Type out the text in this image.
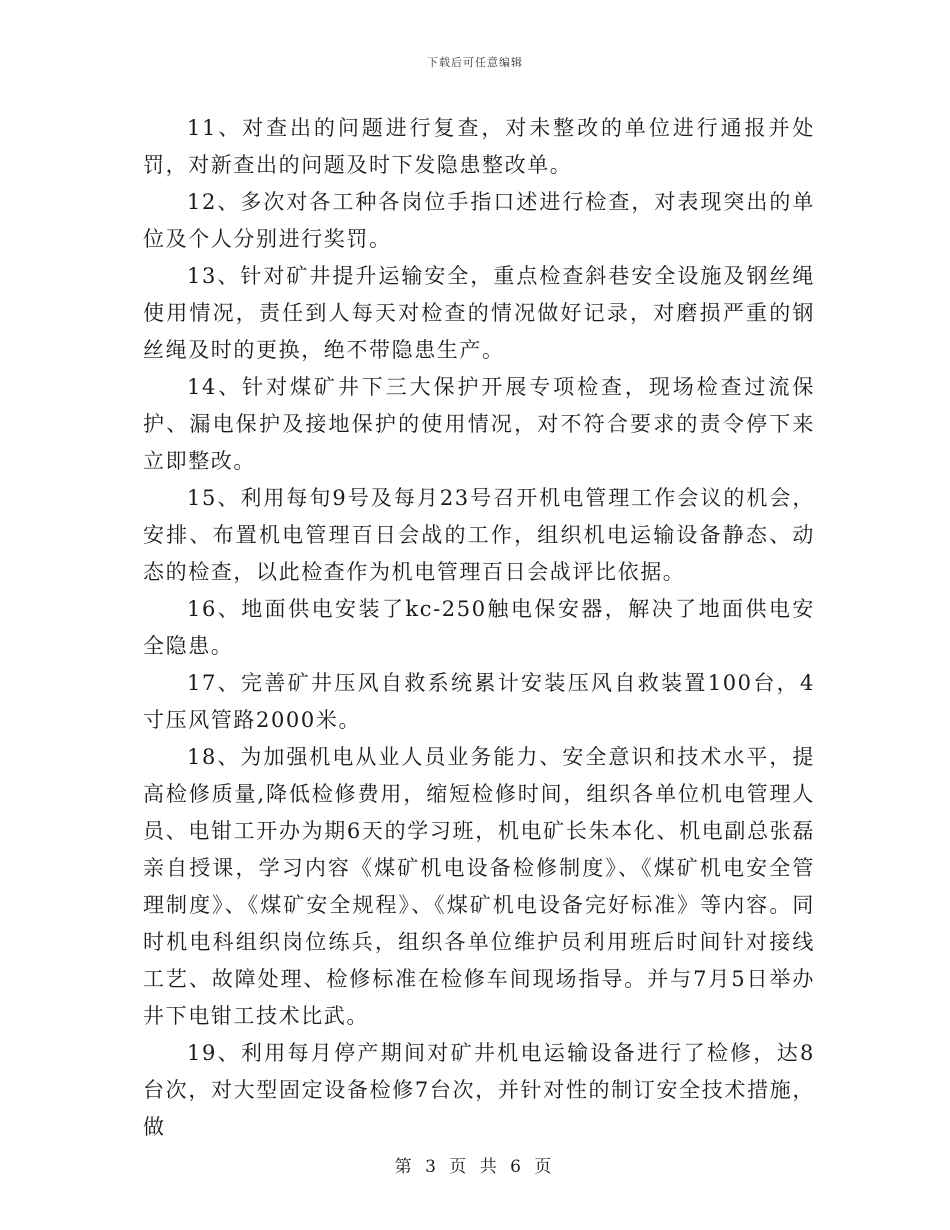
下载后可任意编辑

11、对查出的问题进行复查，对未整改的单位进行通报并处罚，对新查出的问题及时下发隐患整改单。

12、多次对各工种各岗位手指口述进行检查，对表现突出的单位及个人分别进行奖罚。

13、针对矿井提升运输安全，重点检查斜巷安全设施及钢丝绳使用情况，责任到人每天对检查的情况做好记录，对磨损严重的钢丝绳及时的更换，绝不带隐患生产。

14、针对煤矿井下三大保护开展专项检查，现场检查过流保护、漏电保护及接地保护的使用情况，对不符合要求的责令停下来立即整改。

15、利用每旬9号及每月23号召开机电管理工作会议的机会，安排、布置机电管理百日会战的工作，组织机电运输设备静态、动态的检查，以此检查作为机电管理百日会战评比依据。

16、地面供电安装了kc-250触电保安器，解决了地面供电安全隐患。

17、完善矿井压风自救系统累计安装压风自救装置100台，4寸压风管路2000米。

18、为加强机电从业人员业务能力、安全意识和技术水平，提高检修质量,降低检修费用，缩短检修时间，组织各单位机电管理人员、电钳工开办为期6天的学习班，机电矿长朱本化、机电副总张磊亲自授课，学习内容《煤矿机电设备检修制度》、《煤矿机电安全管理制度》、《煤矿安全规程》、《煤矿机电设备完好标准》等内容。同时机电科组织岗位练兵，组织各单位维护员利用班后时间针对接线工艺、故障处理、检修标准在检修车间现场指导。并与7月5日举办井下电钳工技术比武。

19、利用每月停产期间对矿井机电运输设备进行了检修，达8台次，对大型固定设备检修7台次，并针对性的制订安全技术措施，做

第 3 页 共 6 页
